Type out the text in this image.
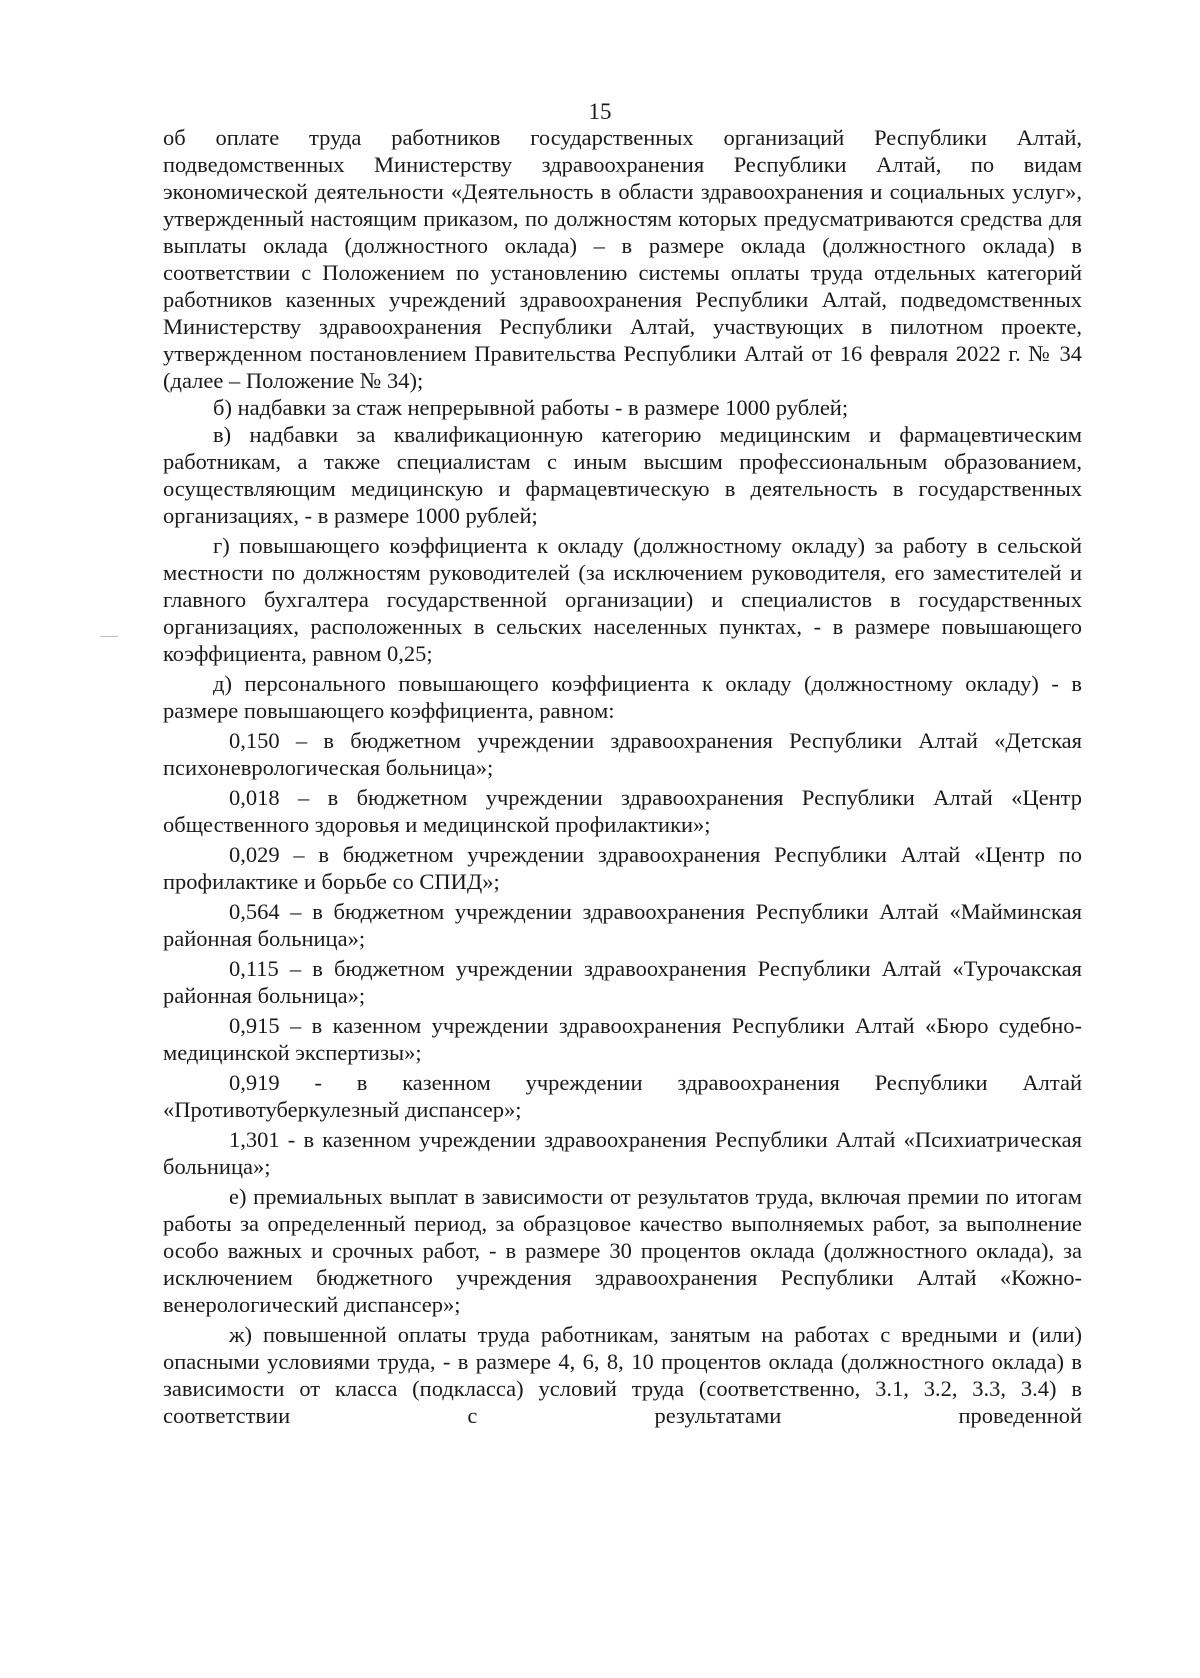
15

об оплате труда работников государственных организаций Республики Алтай, подведомственных Министерству здравоохранения Республики Алтай, по видам экономической деятельности «Деятельность в области здравоохранения и социальных услуг», утвержденный настоящим приказом, по должностям которых предусматриваются средства для выплаты оклада (должностного оклада) – в размере оклада (должностного оклада) в соответствии с Положением по установлению системы оплаты труда отдельных категорий работников казенных учреждений здравоохранения Республики Алтай, подведомственных Министерству здравоохранения Республики Алтай, участвующих в пилотном проекте, утвержденном постановлением Правительства Республики Алтай от 16 февраля 2022 г. № 34 (далее – Положение № 34);

б) надбавки за стаж непрерывной работы - в размере 1000 рублей;

в) надбавки за квалификационную категорию медицинским и фармацевтическим работникам, а также специалистам с иным высшим профессиональным образованием, осуществляющим медицинскую и фармацевтическую в деятельность в государственных организациях, - в размере 1000 рублей;

г) повышающего коэффициента к окладу (должностному окладу) за работу в сельской местности по должностям руководителей (за исключением руководителя, его заместителей и главного бухгалтера государственной организации) и специалистов в государственных организациях, расположенных в сельских населенных пунктах, - в размере повышающего коэффициента, равном 0,25;

д) персонального повышающего коэффициента к окладу (должностному окладу) - в размере повышающего коэффициента, равном:

0,150 – в бюджетном учреждении здравоохранения Республики Алтай «Детская психоневрологическая больница»;

0,018 – в бюджетном учреждении здравоохранения Республики Алтай «Центр общественного здоровья и медицинской профилактики»;

0,029 – в бюджетном учреждении здравоохранения Республики Алтай «Центр по профилактике и борьбе со СПИД»;

0,564 – в бюджетном учреждении здравоохранения Республики Алтай «Майминская районная больница»;

0,115 – в бюджетном учреждении здравоохранения Республики Алтай «Турочакская районная больница»;

0,915 – в казенном учреждении здравоохранения Республики Алтай «Бюро судебно-медицинской экспертизы»;

0,919 - в казенном учреждении здравоохранения Республики Алтай «Противотуберкулезный диспансер»;

1,301 - в казенном учреждении здравоохранения Республики Алтай «Психиатрическая больница»;

е) премиальных выплат в зависимости от результатов труда, включая премии по итогам работы за определенный период, за образцовое качество выполняемых работ, за выполнение особо важных и срочных работ, - в размере 30 процентов оклада (должностного оклада), за исключением бюджетного учреждения здравоохранения Республики Алтай «Кожно-венерологический диспансер»;

ж) повышенной оплаты труда работникам, занятым на работах с вредными и (или) опасными условиями труда, - в размере 4, 6, 8, 10 процентов оклада (должностного оклада) в зависимости от класса (подкласса) условий труда (соответственно, 3.1, 3.2, 3.3, 3.4) в соответствии с результатами проведенной
